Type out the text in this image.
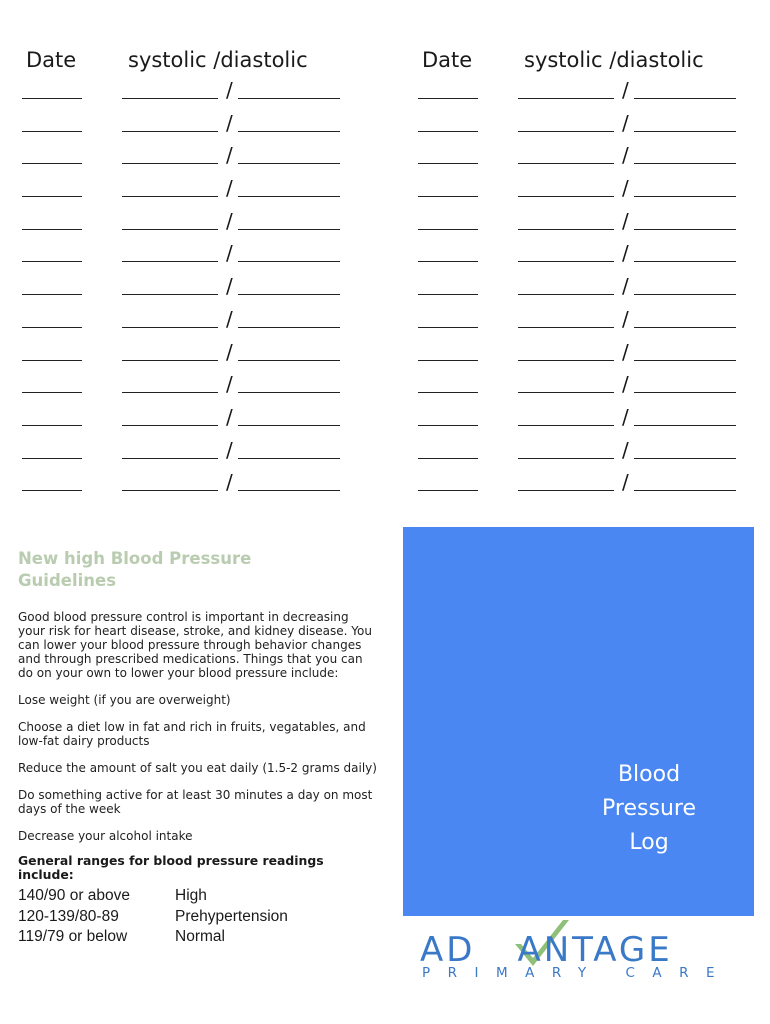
Date systolic /diastolic
/
/
/
/
/
/
/
/
/
/
/
/
/
Date systolic /diastolic
/
/
/
/
/
/
/
/
/
/
/
/
/
New high Blood Pressure Guidelines

Good blood pressure control is important in decreasing your risk for heart disease, stroke, and kidney disease. You can lower your blood pressure through behavior changes and through prescribed medications. Things that you can do on your own to lower your blood pressure include:

Lose weight (if you are overweight)

Choose a diet low in fat and rich in fruits, vegatables, and low-fat dairy products

Reduce the amount of salt you eat daily (1.5-2 grams daily)

Do something active for at least 30 minutes a day on most days of the week

Decrease your alcohol intake

General ranges for blood pressure readings include:
140/90 or above	High
120-139/80-89	Prehypertension
119/79 or below	Normal
Blood
Pressure
Log
AD ANTAGE
PRIMARY CARE
